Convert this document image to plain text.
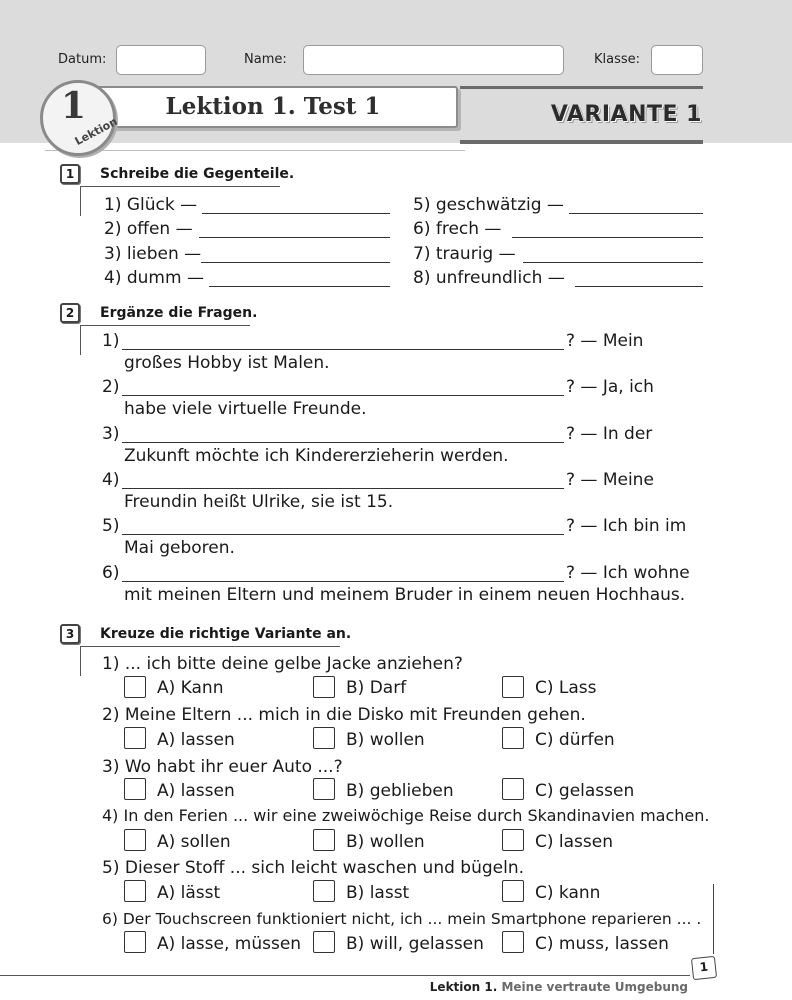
Datum:	Name:	Klasse:
Lektion 1. Test 1	VARIANTE 1
1
Lektion
1	Schreibe die Gegenteile.
1) Glück —
2) offen —
3) lieben —
4) dumm —
5) geschwätzig —
6) frech —
7) traurig —
8) unfreundlich —
2	Ergänze die Fragen.
1)	? — Mein
großes Hobby ist Malen.
2)	? — Ja, ich
habe viele virtuelle Freunde.
3)	? — In der
Zukunft möchte ich Kindererzieherin werden.
4)	? — Meine
Freundin heißt Ulrike, sie ist 15.
5)	? — Ich bin im
Mai geboren.
6)	? — Ich wohne
mit meinen Eltern und meinem Bruder in einem neuen Hochhaus.
3	Kreuze die richtige Variante an.
1) ... ich bitte deine gelbe Jacke anziehen?
A) Kann	B) Darf	C) Lass
2) Meine Eltern ... mich in die Disko mit Freunden gehen.
A) lassen	B) wollen	C) dürfen
3) Wo habt ihr euer Auto ...?
A) lassen	B) geblieben	C) gelassen
4) In den Ferien ... wir eine zweiwöchige Reise durch Skandinavien machen.
A) sollen	B) wollen	C) lassen
5) Dieser Stoff ... sich leicht waschen und bügeln.
A) lässt	B) lasst	C) kann
6) Der Touchscreen funktioniert nicht, ich ... mein Smartphone reparieren ... .
A) lasse, müssen	B) will, gelassen	C) muss, lassen
1
Lektion 1. Meine vertraute Umgebung
